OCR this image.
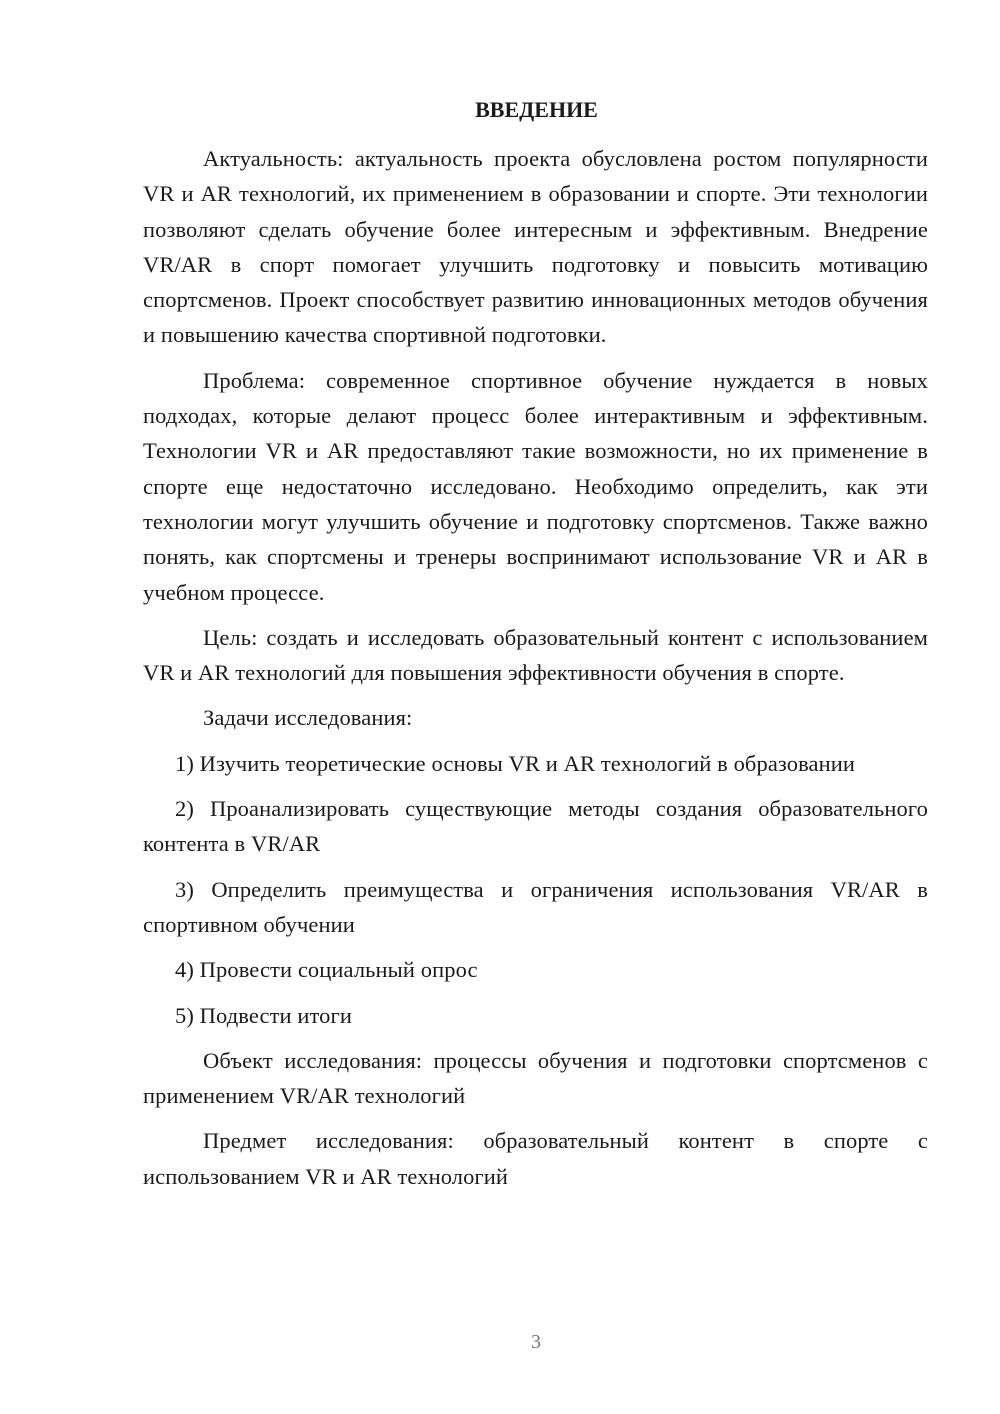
ВВЕДЕНИЕ

Актуальность: актуальность проекта обусловлена ростом популярности VR и AR технологий, их применением в образовании и спорте. Эти технологии позволяют сделать обучение более интересным и эффективным. Внедрение VR/AR в спорт помогает улучшить подготовку и повысить мотивацию спортсменов. Проект способствует развитию инновационных методов обучения и повышению качества спортивной подготовки.

Проблема: современное спортивное обучение нуждается в новых подходах, которые делают процесс более интерактивным и эффективным. Технологии VR и AR предоставляют такие возможности, но их применение в спорте еще недостаточно исследовано. Необходимо определить, как эти технологии могут улучшить обучение и подготовку спортсменов. Также важно понять, как спортсмены и тренеры воспринимают использование VR и AR в учебном процессе.

Цель: создать и исследовать образовательный контент с использованием VR и AR технологий для повышения эффективности обучения в спорте.

Задачи исследования:

1) Изучить теоретические основы VR и AR технологий в образовании

2) Проанализировать существующие методы создания образовательного контента в VR/AR

3) Определить преимущества и ограничения использования VR/AR в спортивном обучении

4) Провести социальный опрос

5) Подвести итоги

Объект исследования: процессы обучения и подготовки спортсменов с применением VR/AR технологий

Предмет исследования: образовательный контент в спорте с использованием VR и AR технологий

3
